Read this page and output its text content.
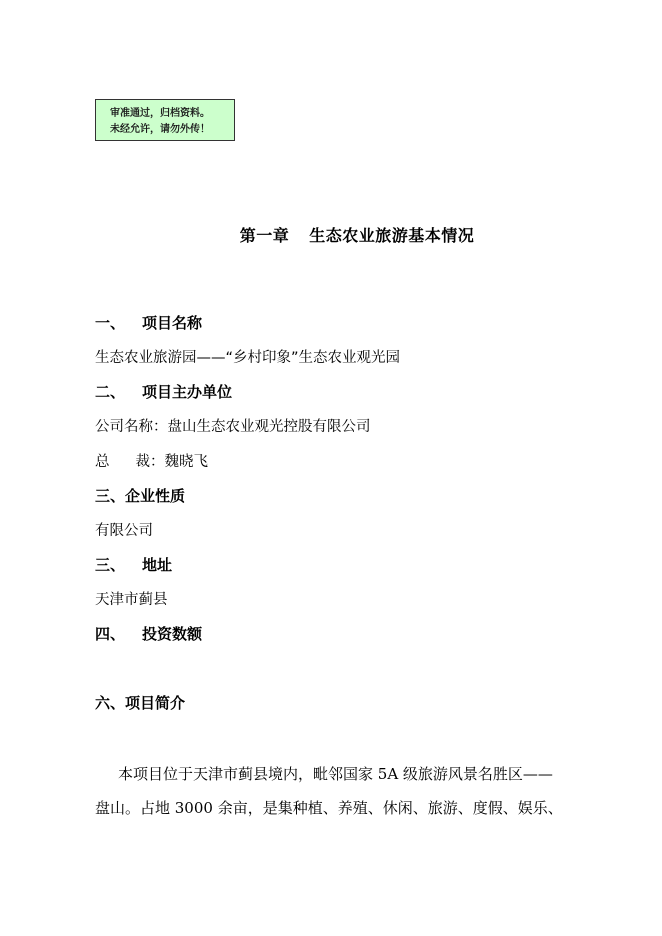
审准通过，归档资料。
未经允许，请勿外传！
第一章 生态农业旅游基本情况
一、 项目名称
生态农业旅游园——“乡村印象”生态农业观光园
二、 项目主办单位
公司名称：盘山生态农业观光控股有限公司
总 裁：魏晓飞
三、企业性质
有限公司
三、 地址
天津市蓟县
四、 投资数额
六、项目简介
本项目位于天津市蓟县境内，毗邻国家 5A 级旅游风景名胜区——
盘山。占地 3000 余亩，是集种植、养殖、休闲、旅游、度假、娱乐、
